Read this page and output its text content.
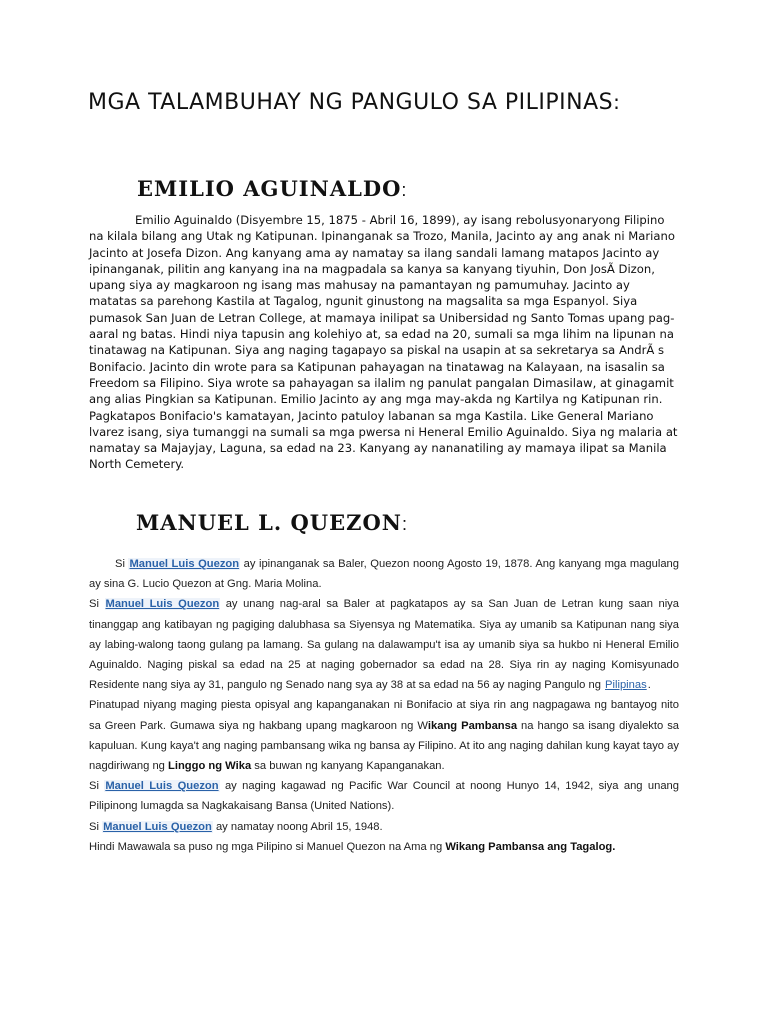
MGA TALAMBUHAY NG PANGULO SA PILIPINAS:
EMILIO AGUINALDO:

Emilio Aguinaldo (Disyembre 15, 1875 - Abril 16, 1899), ay isang rebolusyonaryong Filipino na kilala bilang ang Utak ng Katipunan. Ipinanganak sa Trozo, Manila, Jacinto ay ang anak ni Mariano Jacinto at Josefa Dizon. Ang kanyang ama ay namatay sa ilang sandali lamang matapos Jacinto ay ipinanganak, pilitin ang kanyang ina na magpadala sa kanya sa kanyang tiyuhin, Don JosÃ Dizon, upang siya ay magkaroon ng isang mas mahusay na pamantayan ng pamumuhay. Jacinto ay matatas sa parehong Kastila at Tagalog, ngunit ginustong na magsalita sa mga Espanyol. Siya pumasok San Juan de Letran College, at mamaya inilipat sa Unibersidad ng Santo Tomas upang pag-aaral ng batas. Hindi niya tapusin ang kolehiyo at, sa edad na 20, sumali sa mga lihim na lipunan na tinatawag na Katipunan. Siya ang naging tagapayo sa piskal na usapin at sa sekretarya sa AndrÃ s Bonifacio. Jacinto din wrote para sa Katipunan pahayagan na tinatawag na Kalayaan, na isasalin sa Freedom sa Filipino. Siya wrote sa pahayagan sa ilalim ng panulat pangalan Dimasilaw, at ginagamit ang alias Pingkian sa Katipunan. Emilio Jacinto ay ang mga may-akda ng Kartilya ng Katipunan rin. Pagkatapos Bonifacio's kamatayan, Jacinto patuloy labanan sa mga Kastila. Like General Mariano lvarez isang, siya tumanggi na sumali sa mga pwersa ni Heneral Emilio Aguinaldo. Siya ng malaria at namatay sa Majayjay, Laguna, sa edad na 23. Kanyang ay nananatiling ay mamaya ilipat sa Manila North Cemetery.

MANUEL L. QUEZON:

Si Manuel Luis Quezon ay ipinanganak sa Baler, Quezon noong Agosto 19, 1878. Ang kanyang mga magulang ay sina G. Lucio Quezon at Gng. Maria Molina.

Si Manuel Luis Quezon ay unang nag-aral sa Baler at pagkatapos ay sa San Juan de Letran kung saan niya tinanggap ang katibayan ng pagiging dalubhasa sa Siyensya ng Matematika. Siya ay umanib sa Katipunan nang siya ay labing-walong taong gulang pa lamang. Sa gulang na dalawampu't isa ay umanib siya sa hukbo ni Heneral Emilio Aguinaldo. Naging piskal sa edad na 25 at naging gobernador sa edad na 28. Siya rin ay naging Komisyunado Residente nang siya ay 31, pangulo ng Senado nang sya ay 38 at sa edad na 56 ay naging Pangulo ng Pilipinas.

Pinatupad niyang maging piesta opisyal ang kapanganakan ni Bonifacio at siya rin ang nagpagawa ng bantayog nito sa Green Park. Gumawa siya ng hakbang upang magkaroon ng Wikang Pambansa na hango sa isang diyalekto sa kapuluan. Kung kaya't ang naging pambansang wika ng bansa ay Filipino. At ito ang naging dahilan kung kayat tayo ay nagdiriwang ng Linggo ng Wika sa buwan ng kanyang Kapanganakan.

Si Manuel Luis Quezon ay naging kagawad ng Pacific War Council at noong Hunyo 14, 1942, siya ang unang Pilipinong lumagda sa Nagkakaisang Bansa (United Nations).

Si Manuel Luis Quezon ay namatay noong Abril 15, 1948.

Hindi Mawawala sa puso ng mga Pilipino si Manuel Quezon na Ama ng Wikang Pambansa ang Tagalog.
